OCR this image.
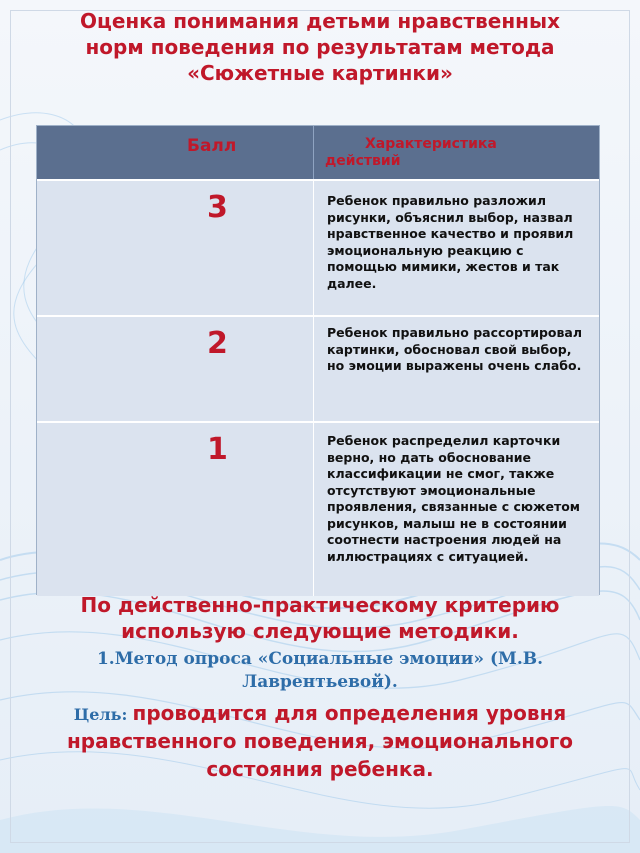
Оценка понимания детьми нравственных норм поведения по результатам метода «Сюжетные картинки»
Балл	Характеристика действий
3	Ребенок правильно разложил рисунки, объяснил выбор, назвал нравственное качество и проявил эмоциональную реакцию с помощью мимики, жестов и так далее.
2	Ребенок правильно рассортировал картинки, обосновал свой выбор, но эмоции выражены очень слабо.
1	Ребенок распределил карточки верно, но дать обоснование классификации не смог, также отсутствуют эмоциональные проявления, связанные с сюжетом рисунков, малыш не в состоянии соотнести настроения людей на иллюстрациях с ситуацией.
По действенно-практическому критерию использую следующие методики.
1.Метод опроса «Социальные эмоции» (М.В. Лаврентьевой).
Цель: проводится для определения уровня нравственного поведения, эмоционального состояния ребенка.
